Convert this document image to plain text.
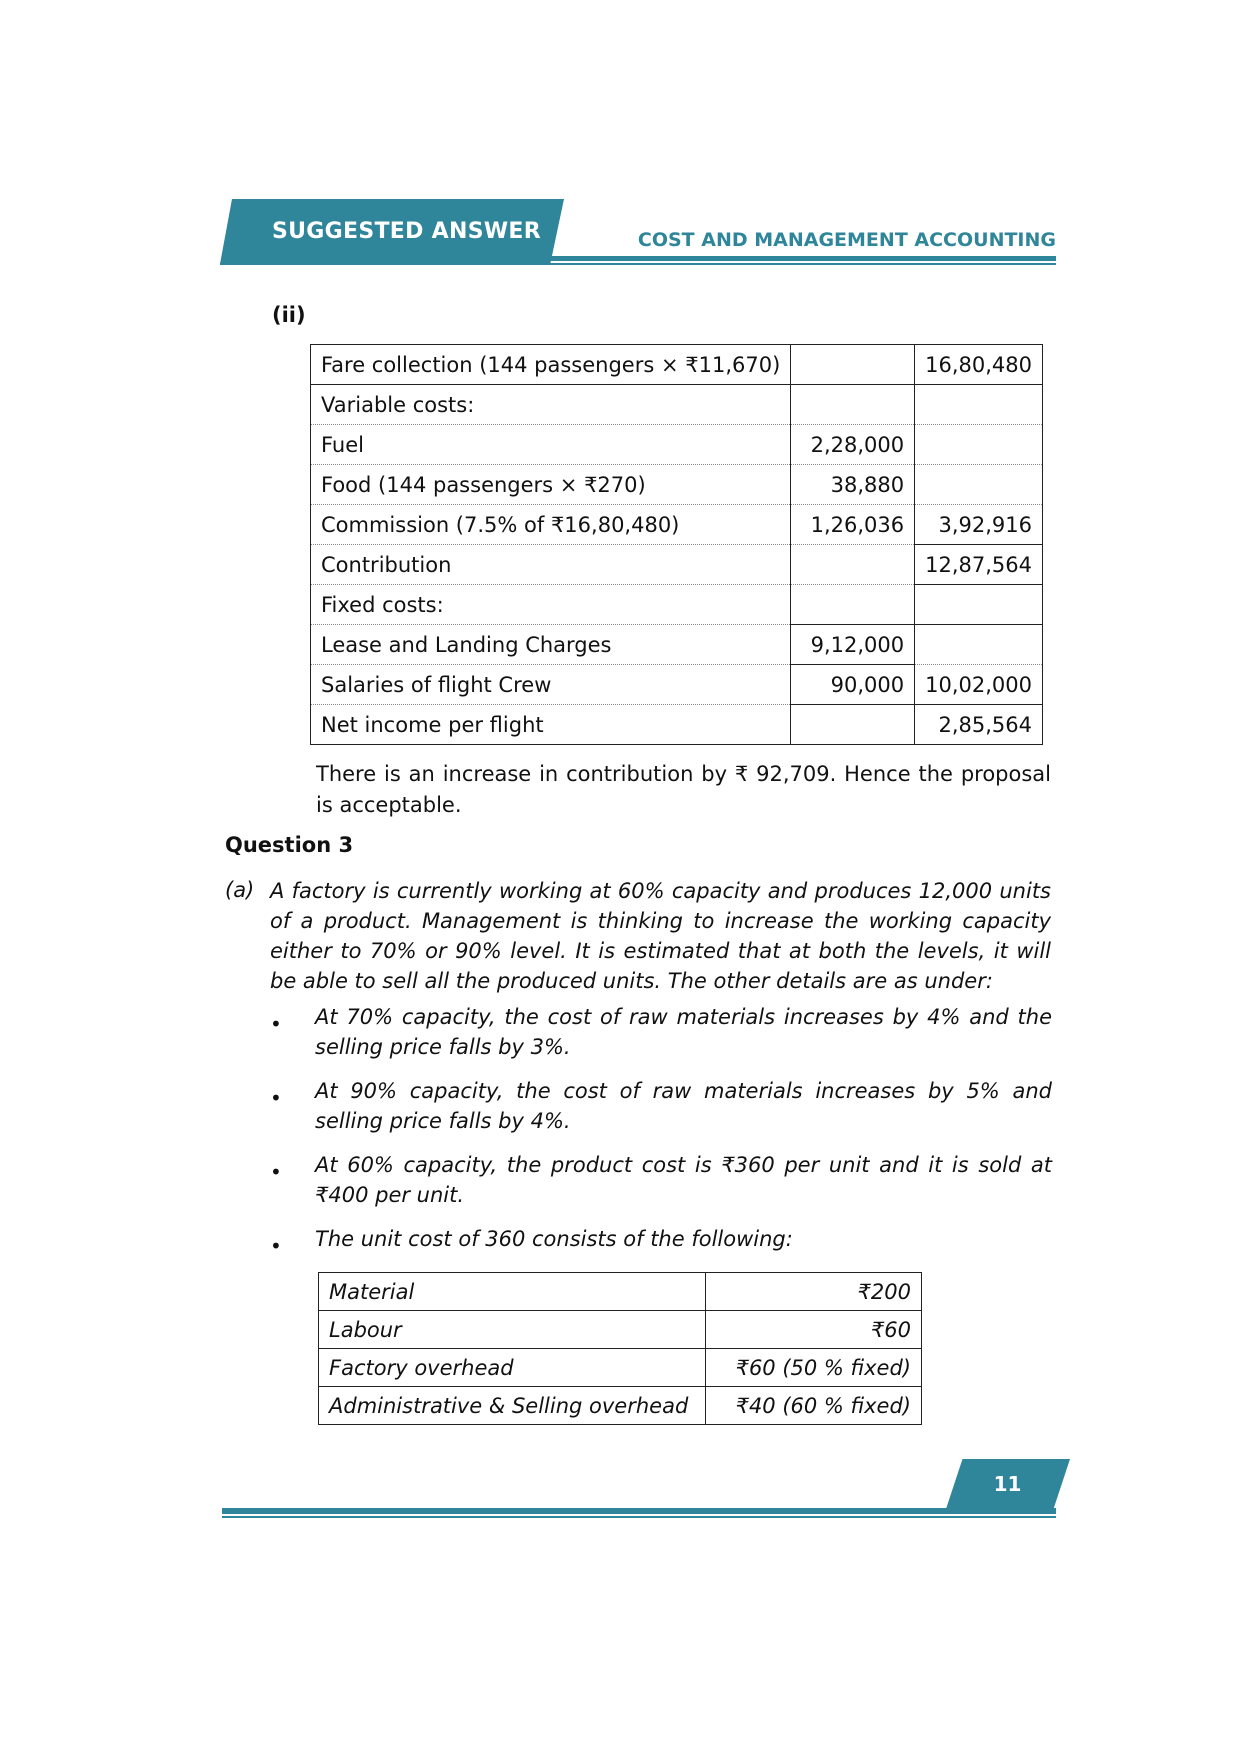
SUGGESTED ANSWER	COST AND MANAGEMENT ACCOUNTING
(ii)
Fare collection (144 passengers × ₹11,670)		16,80,480
Variable costs:		
Fuel	2,28,000	
Food (144 passengers × ₹270)	38,880	
Commission (7.5% of ₹16,80,480)	1,26,036	3,92,916
Contribution		12,87,564
Fixed costs:		
Lease and Landing Charges	9,12,000	
Salaries of flight Crew	90,000	10,02,000
Net income per flight		2,85,564
There is an increase in contribution by ₹ 92,709. Hence the proposal is acceptable.
Question 3
(a) A factory is currently working at 60% capacity and produces 12,000 units of a product. Management is thinking to increase the working capacity either to 70% or 90% level. It is estimated that at both the levels, it will be able to sell all the produced units. The other details are as under:
• At 70% capacity, the cost of raw materials increases by 4% and the selling price falls by 3%.
• At 90% capacity, the cost of raw materials increases by 5% and selling price falls by 4%.
• At 60% capacity, the product cost is ₹360 per unit and it is sold at ₹400 per unit.
• The unit cost of 360 consists of the following:
Material	₹200
Labour	₹60
Factory overhead	₹60 (50 % fixed)
Administrative & Selling overhead	₹40 (60 % fixed)
11
